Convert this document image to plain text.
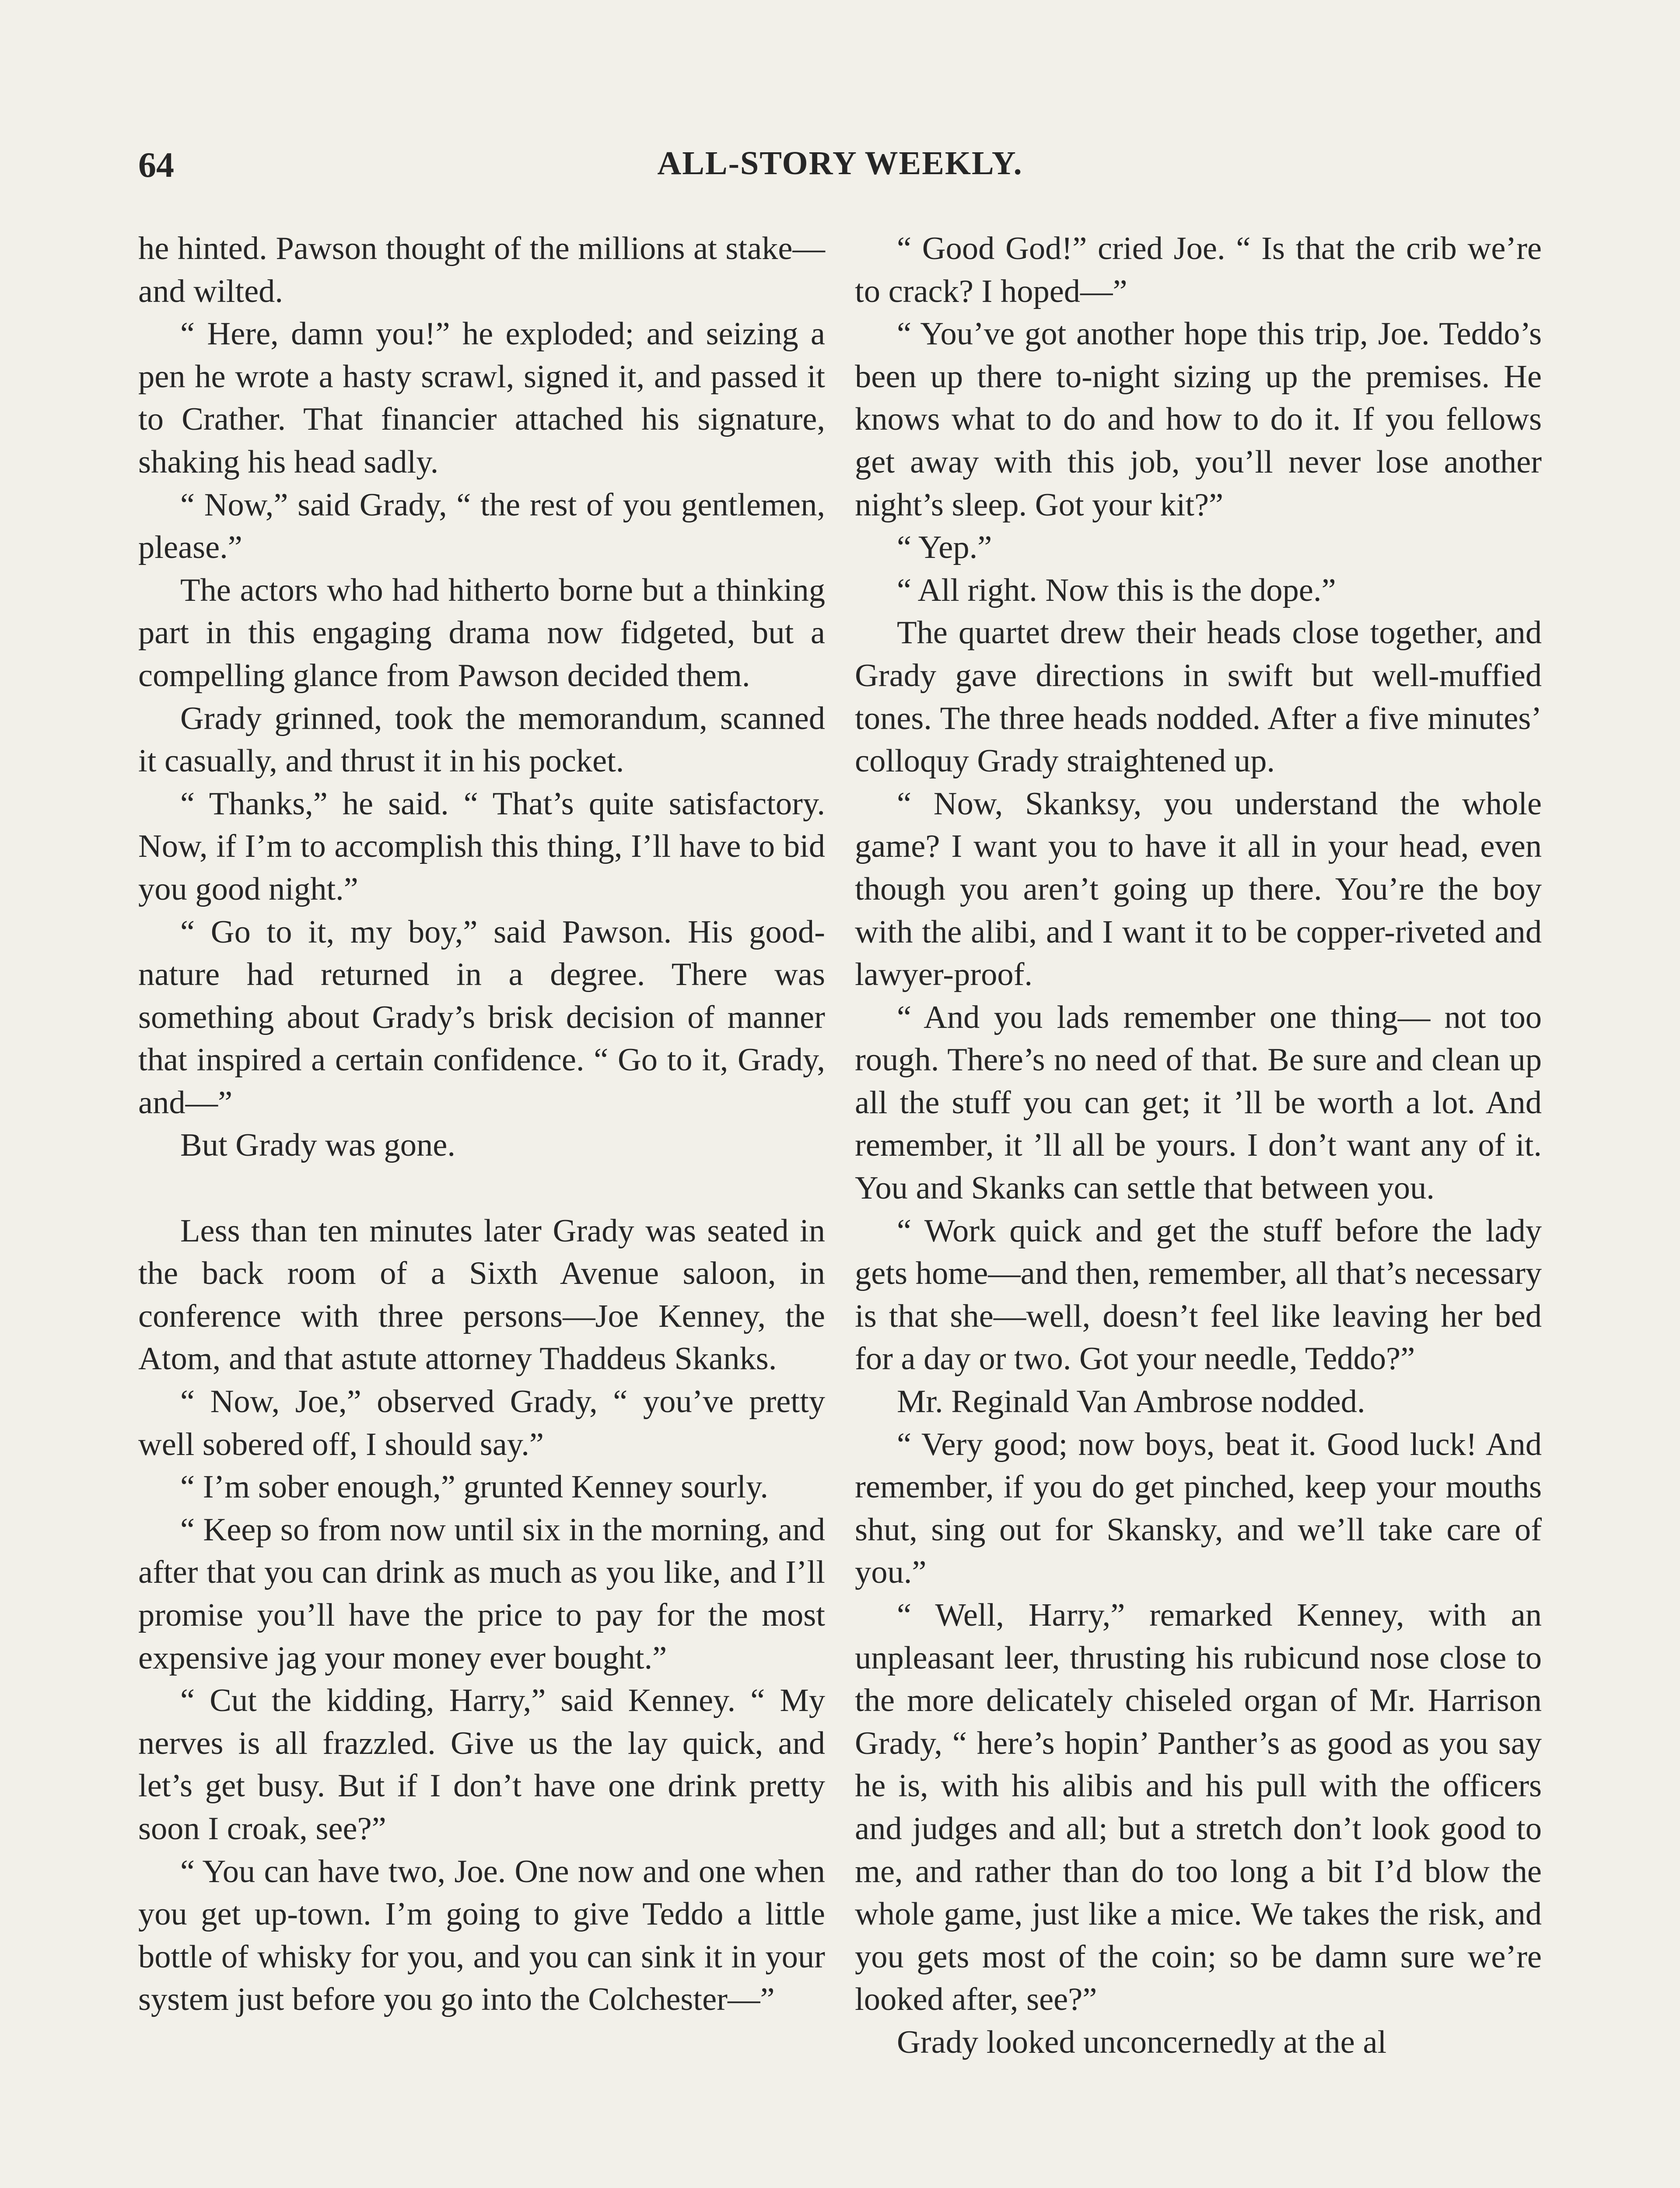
64	ALL-STORY WEEKLY.

he hinted. Pawson thought of the millions at stake—and wilted.

“ Here, damn you!” he exploded; and seizing a pen he wrote a hasty scrawl, signed it, and passed it to Crather. That financier attached his signature, shaking his head sadly.

“ Now,” said Grady, “ the rest of you gentlemen, please.”

The actors who had hitherto borne but a thinking part in this engaging drama now fidgeted, but a compelling glance from Pawson decided them.

Grady grinned, took the memorandum, scanned it casually, and thrust it in his pocket.

“ Thanks,” he said. “ That’s quite satisfactory. Now, if I’m to accomplish this thing, I’ll have to bid you good night.”

“ Go to it, my boy,” said Pawson. His good-nature had returned in a degree. There was something about Grady’s brisk decision of manner that inspired a certain confidence. “ Go to it, Grady, and—”

But Grady was gone.

Less than ten minutes later Grady was seated in the back room of a Sixth Avenue saloon, in conference with three persons—Joe Kenney, the Atom, and that astute attorney Thaddeus Skanks.

“ Now, Joe,” observed Grady, “ you’ve pretty well sobered off, I should say.”

“ I’m sober enough,” grunted Kenney sourly.

“ Keep so from now until six in the morning, and after that you can drink as much as you like, and I’ll promise you’ll have the price to pay for the most expensive jag your money ever bought.”

“ Cut the kidding, Harry,” said Kenney. “ My nerves is all frazzled. Give us the lay quick, and let’s get busy. But if I don’t have one drink pretty soon I croak, see?”

“ You can have two, Joe. One now and one when you get up-town. I’m going to give Teddo a little bottle of whisky for you, and you can sink it in your system just before you go into the Colchester—”

“ Good God!” cried Joe. “ Is that the crib we’re to crack? I hoped—”

“ You’ve got another hope this trip, Joe. Teddo’s been up there to-night sizing up the premises. He knows what to do and how to do it. If you fellows get away with this job, you’ll never lose another night’s sleep. Got your kit?”

“ Yep.”

“ All right. Now this is the dope.”

The quartet drew their heads close together, and Grady gave directions in swift but well-muffied tones. The three heads nodded. After a five minutes’ colloquy Grady straightened up.

“ Now, Skanksy, you understand the whole game? I want you to have it all in your head, even though you aren’t going up there. You’re the boy with the alibi, and I want it to be copper-riveted and lawyer-proof.

“ And you lads remember one thing— not too rough. There’s no need of that. Be sure and clean up all the stuff you can get; it ’ll be worth a lot. And remember, it ’ll all be yours. I don’t want any of it. You and Skanks can settle that between you.

“ Work quick and get the stuff before the lady gets home—and then, remember, all that’s necessary is that she—well, doesn’t feel like leaving her bed for a day or two. Got your needle, Teddo?”

Mr. Reginald Van Ambrose nodded.

“ Very good; now boys, beat it. Good luck! And remember, if you do get pinched, keep your mouths shut, sing out for Skansky, and we’ll take care of you.”

“ Well, Harry,” remarked Kenney, with an unpleasant leer, thrusting his rubicund nose close to the more delicately chiseled organ of Mr. Harrison Grady, “ here’s hopin’ Panther’s as good as you say he is, with his alibis and his pull with the officers and judges and all; but a stretch don’t look good to me, and rather than do too long a bit I’d blow the whole game, just like a mice. We takes the risk, and you gets most of the coin; so be damn sure we’re looked after, see?”

Grady looked unconcernedly at the al
